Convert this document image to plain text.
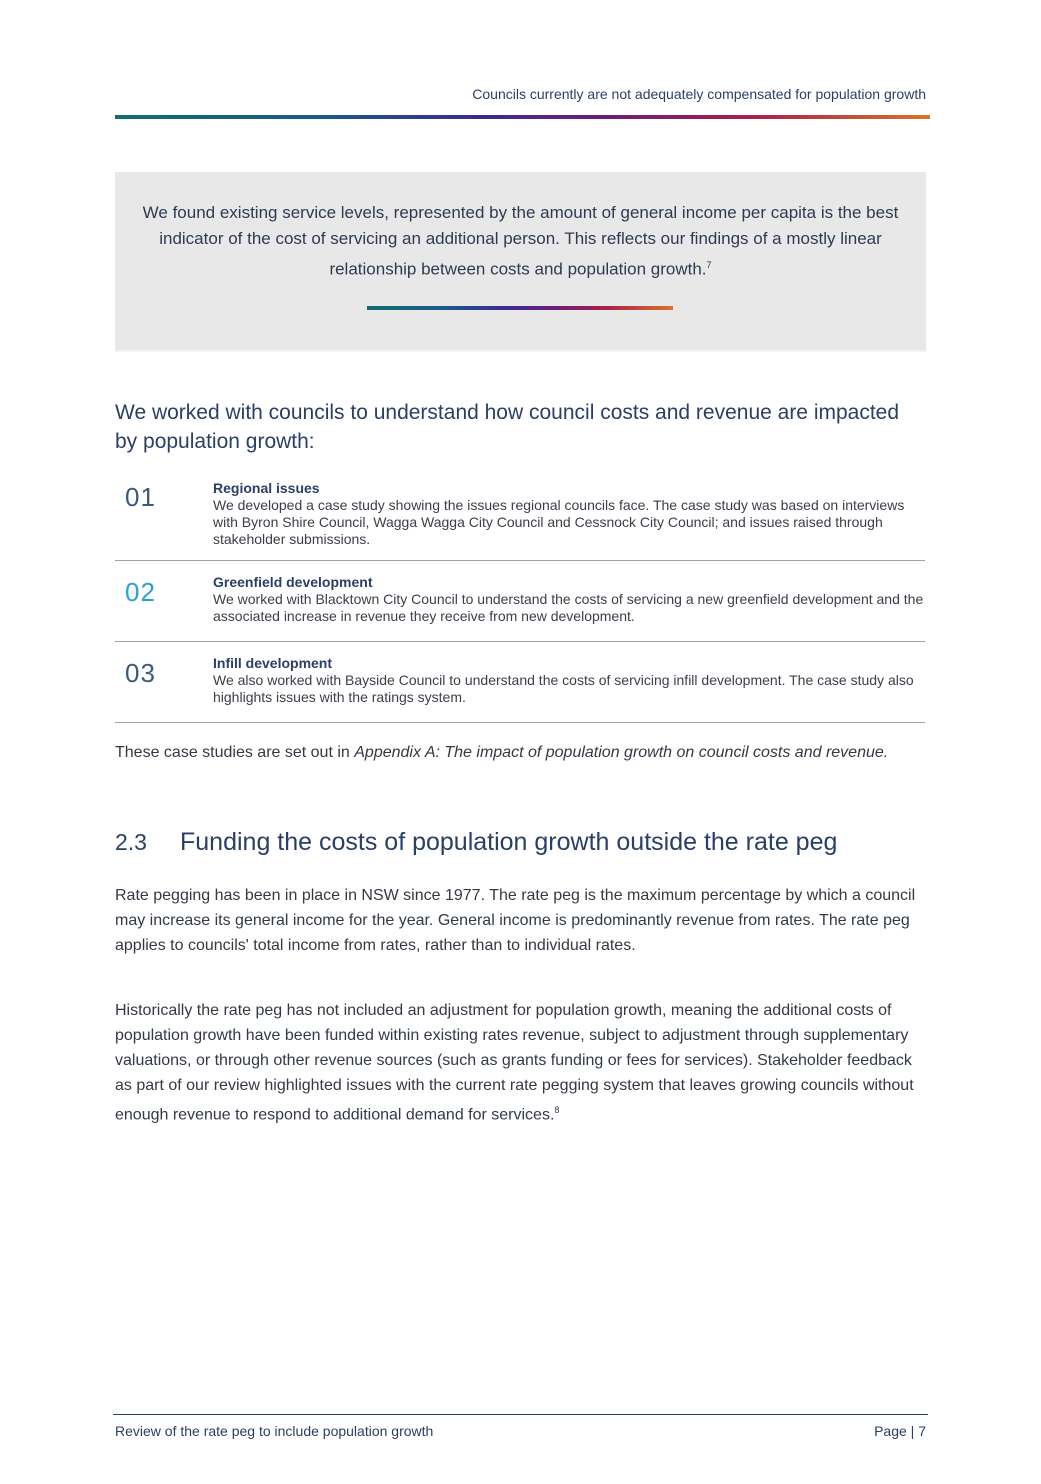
Councils currently are not adequately compensated for population growth

We found existing service levels, represented by the amount of general income per capita is the best indicator of the cost of servicing an additional person. This reflects our findings of a mostly linear relationship between costs and population growth.$^7$

We worked with councils to understand how council costs and revenue are impacted by population growth:
01	Regional issues
We developed a case study showing the issues regional councils face. The case study was based on interviews with Byron Shire Council, Wagga Wagga City Council and Cessnock City Council; and issues raised through stakeholder submissions.
02	Greenfield development
We worked with Blacktown City Council to understand the costs of servicing a new greenfield development and the associated increase in revenue they receive from new development.
03	Infill development
We also worked with Bayside Council to understand the costs of servicing infill development. The case study also highlights issues with the ratings system.
These case studies are set out in Appendix A: The impact of population growth on council costs and revenue.
2.3 Funding the costs of population growth outside the rate peg

Rate pegging has been in place in NSW since 1977. The rate peg is the maximum percentage by which a council may increase its general income for the year. General income is predominantly revenue from rates. The rate peg applies to councils' total income from rates, rather than to individual rates.

Historically the rate peg has not included an adjustment for population growth, meaning the additional costs of population growth have been funded within existing rates revenue, subject to adjustment through supplementary valuations, or through other revenue sources (such as grants funding or fees for services). Stakeholder feedback as part of our review highlighted issues with the current rate pegging system that leaves growing councils without enough revenue to respond to additional demand for services.$^8$

Review of the rate peg to include population growth	Page | 7
